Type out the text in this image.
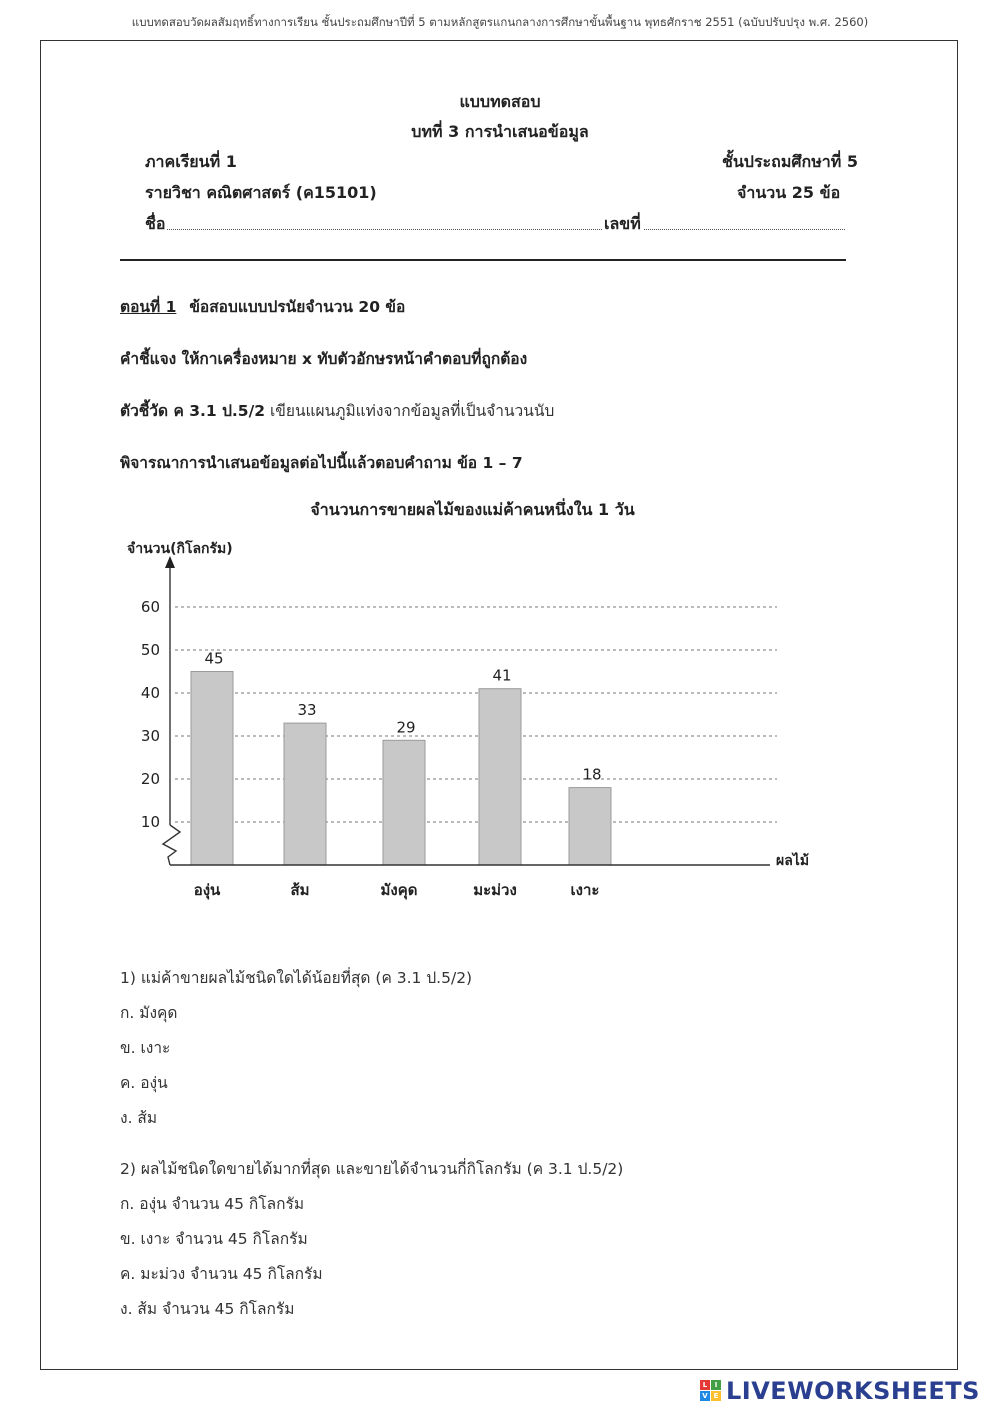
แบบทดสอบวัดผลสัมฤทธิ์ทางการเรียน ชั้นประถมศึกษาปีที่ 5 ตามหลักสูตรแกนกลางการศึกษาขั้นพื้นฐาน พุทธศักราช 2551 (ฉบับปรับปรุง พ.ศ. 2560)
แบบทดสอบ
บทที่ 3 การนำเสนอข้อมูล
ภาคเรียนที่ 1	ชั้นประถมศึกษาที่ 5
รายวิชา คณิตศาสตร์ (ค15101)	จำนวน 25 ข้อ
ชื่อ	เลขที่
ตอนที่ 1 ข้อสอบแบบปรนัยจำนวน 20 ข้อ
คำชี้แจง ให้กาเครื่องหมาย x ทับตัวอักษรหน้าคำตอบที่ถูกต้อง
ตัวชี้วัด ค 3.1 ป.5/2 เขียนแผนภูมิแท่งจากข้อมูลที่เป็นจำนวนนับ
พิจารณาการนำเสนอข้อมูลต่อไปนี้แล้วตอบคำถาม ข้อ 1 – 7
จำนวนการขายผลไม้ของแม่ค้าคนหนึ่งใน 1 วัน
จำนวน(กิโลกรัม)
ผลไม้
10
20
30
40
50
60
45
33
29
41
18
องุ่น	ส้ม	มังคุด	มะม่วง	เงาะ
1) แม่ค้าขายผลไม้ชนิดใดได้น้อยที่สุด (ค 3.1 ป.5/2)
ก. มังคุด
ข. เงาะ
ค. องุ่น
ง. ส้ม
2) ผลไม้ชนิดใดขายได้มากที่สุด และขายได้จำนวนกี่กิโลกรัม (ค 3.1 ป.5/2)
ก. องุ่น จำนวน 45 กิโลกรัม
ข. เงาะ จำนวน 45 กิโลกรัม
ค. มะม่วง จำนวน 45 กิโลกรัม
ง. ส้ม จำนวน 45 กิโลกรัม
L	I
V E LIVEWORKSHEETS
